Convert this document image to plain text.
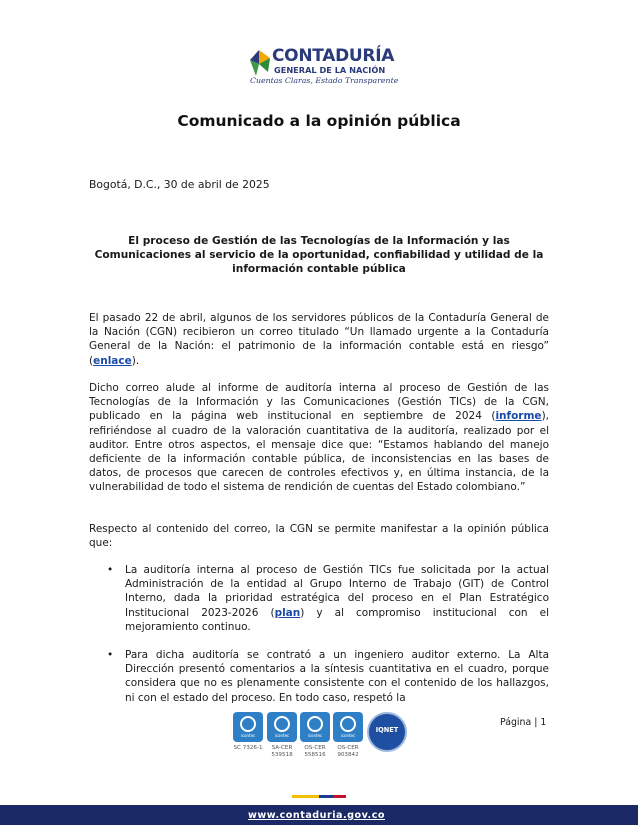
CONTADURÍA
GENERAL DE LA NACIÓN
Cuentas Claras, Estado Transparente
Comunicado a la opinión pública
Bogotá, D.C., 30 de abril de 2025
El proceso de Gestión de las Tecnologías de la Información y las Comunicaciones al servicio de la oportunidad, confiabilidad y utilidad de la información contable pública
El pasado 22 de abril, algunos de los servidores públicos de la Contaduría General de la Nación (CGN) recibieron un correo titulado “Un llamado urgente a la Contaduría General de la Nación: el patrimonio de la información contable está en riesgo” (enlace).
Dicho correo alude al informe de auditoría interna al proceso de Gestión de las Tecnologías de la Información y las Comunicaciones (Gestión TICs) de la CGN, publicado en la página web institucional en septiembre de 2024 (informe), refiriéndose al cuadro de la valoración cuantitativa de la auditoría, realizado por el auditor. Entre otros aspectos, el mensaje dice que: “Estamos hablando del manejo deficiente de la información contable pública, de inconsistencias en las bases de datos, de procesos que carecen de controles efectivos y, en última instancia, de la vulnerabilidad de todo el sistema de rendición de cuentas del Estado colombiano.”
Respecto al contenido del correo, la CGN se permite manifestar a la opinión pública que:
• La auditoría interna al proceso de Gestión TICs fue solicitada por la actual Administración de la entidad al Grupo Interno de Trabajo (GIT) de Control Interno, dada la prioridad estratégica del proceso en el Plan Estratégico Institucional 2023-2026 (plan) y al compromiso institucional con el mejoramiento continuo.
• Para dicha auditoría se contrató a un ingeniero auditor externo. La Alta Dirección presentó comentarios a la síntesis cuantitativa en el cuadro, porque considera que no es plenamente consistente con el contenido de los hallazgos, ni con el estado del proceso. En todo caso, respetó la
Página | 1
icontec
SC 7326-1
icontec
SA-CER 539518
icontec
OS-CER 558516
icontec
OS-CER 903842
IQNET
www.contaduria.gov.co
